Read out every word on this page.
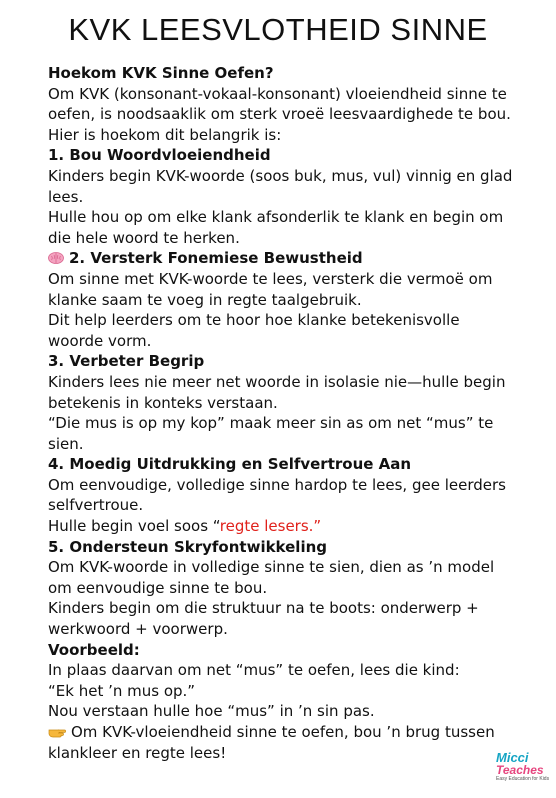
KVK LEESVLOTHEID SINNE

Hoekom KVK Sinne Oefen?

Om KVK (konsonant-vokaal-konsonant) vloeiendheid sinne te oefen, is noodsaaklik om sterk vroeë leesvaardighede te bou.

Hier is hoekom dit belangrik is:

1. Bou Woordvloeiendheid

Kinders begin KVK-woorde (soos buk, mus, vul) vinnig en glad lees.

Hulle hou op om elke klank afsonderlik te klank en begin om die hele woord te herken.

2. Versterk Fonemiese Bewustheid

Om sinne met KVK-woorde te lees, versterk die vermoë om klanke saam te voeg in regte taalgebruik.

Dit help leerders om te hoor hoe klanke betekenisvolle woorde vorm.

3. Verbeter Begrip

Kinders lees nie meer net woorde in isolasie nie—hulle begin betekenis in konteks verstaan.

“Die mus is op my kop” maak meer sin as om net “mus” te sien.

4. Moedig Uitdrukking en Selfvertroue Aan

Om eenvoudige, volledige sinne hardop te lees, gee leerders selfvertroue.

Hulle begin voel soos “regte lesers.”

5. Ondersteun Skryfontwikkeling

Om KVK-woorde in volledige sinne te sien, dien as ’n model om eenvoudige sinne te bou.

Kinders begin om die struktuur na te boots: onderwerp + werkwoord + voorwerp.

Voorbeeld:

In plaas daarvan om net “mus” te oefen, lees die kind:

“Ek het ’n mus op.”

Nou verstaan hulle hoe “mus” in ’n sin pas.

Om KVK-vloeiendheid sinne te oefen, bou ’n brug tussen klankleer en regte lees!	Micci
Teaches
Easy Education for Kids
